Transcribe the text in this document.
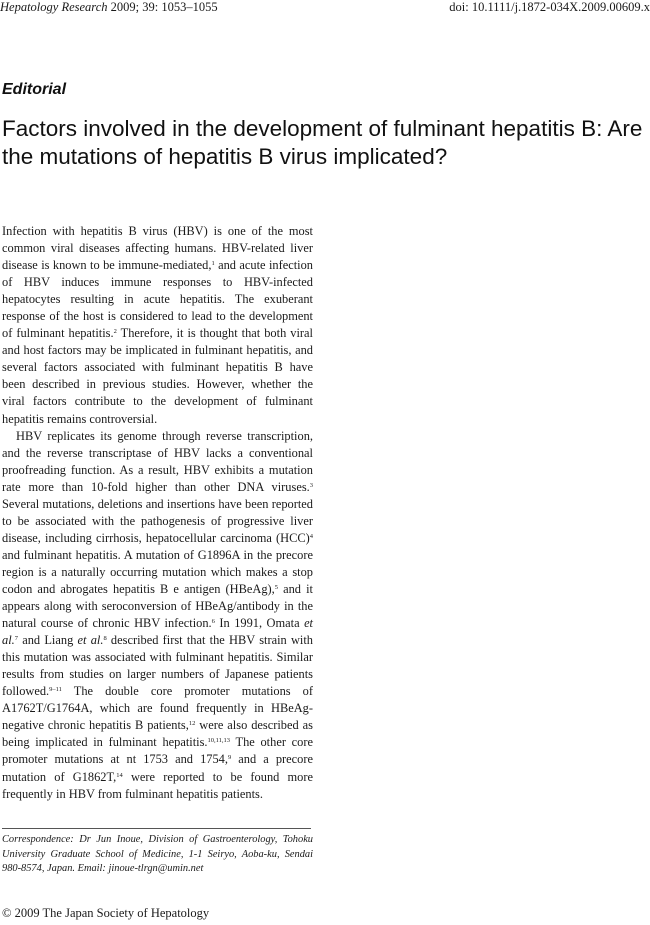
Hepatology Research 2009; 39: 1053–1055	doi: 10.1111/j.1872-034X.2009.00609.x
Editorial
Factors involved in the development of fulminant hepatitis B: Are the mutations of hepatitis B virus implicated?

Infection with hepatitis B virus (HBV) is one of the most common viral diseases affecting humans. HBV-related liver disease is known to be immune-mediated,$^1$ and acute infection of HBV induces immune responses to HBV-infected hepatocytes resulting in acute hepatitis. The exuberant response of the host is considered to lead to the development of fulminant hepatitis.$^2$ Therefore, it is thought that both viral and host factors may be implicated in fulminant hepatitis, and several factors associated with fulminant hepatitis B have been described in previous studies. However, whether the viral factors contribute to the development of fulminant hepatitis remains controversial.

HBV replicates its genome through reverse transcription, and the reverse transcriptase of HBV lacks a conventional proofreading function. As a result, HBV exhibits a mutation rate more than 10-fold higher than other DNA viruses.$^3$ Several mutations, deletions and insertions have been reported to be associated with the pathogenesis of progressive liver disease, including cirrhosis, hepatocellular carcinoma (HCC)$^4$ and fulminant hepatitis. A mutation of G1896A in the precore region is a naturally occurring mutation which makes a stop codon and abrogates hepatitis B e antigen (HBeAg),$^5$ and it appears along with seroconversion of HBeAg/antibody in the natural course of chronic HBV infection.$^6$ In 1991, Omata et al.$^7$ and Liang et al.$^8$ described first that the HBV strain with this mutation was associated with fulminant hepatitis. Similar results from studies on larger numbers of Japanese patients followed.$^{9-11}$ The double core promoter mutations of A1762T/G1764A, which are found frequently in HBeAg-negative chronic hepatitis B patients,$^{12}$ were also described as being implicated in fulminant hepatitis.$^{10,11,13}$ The other core promoter mutations at nt 1753 and 1754,$^9$ and a precore mutation of G1862T,$^{14}$ were reported to be found more frequently in HBV from fulminant hepatitis patients.

Correspondence: Dr Jun Inoue, Division of Gastroenterology, Tohoku University Graduate School of Medicine, 1-1 Seiryo, Aoba-ku, Sendai 980-8574, Japan. Email: jinoue-tlrgn@umin.net
© 2009 The Japan Society of Hepatology
